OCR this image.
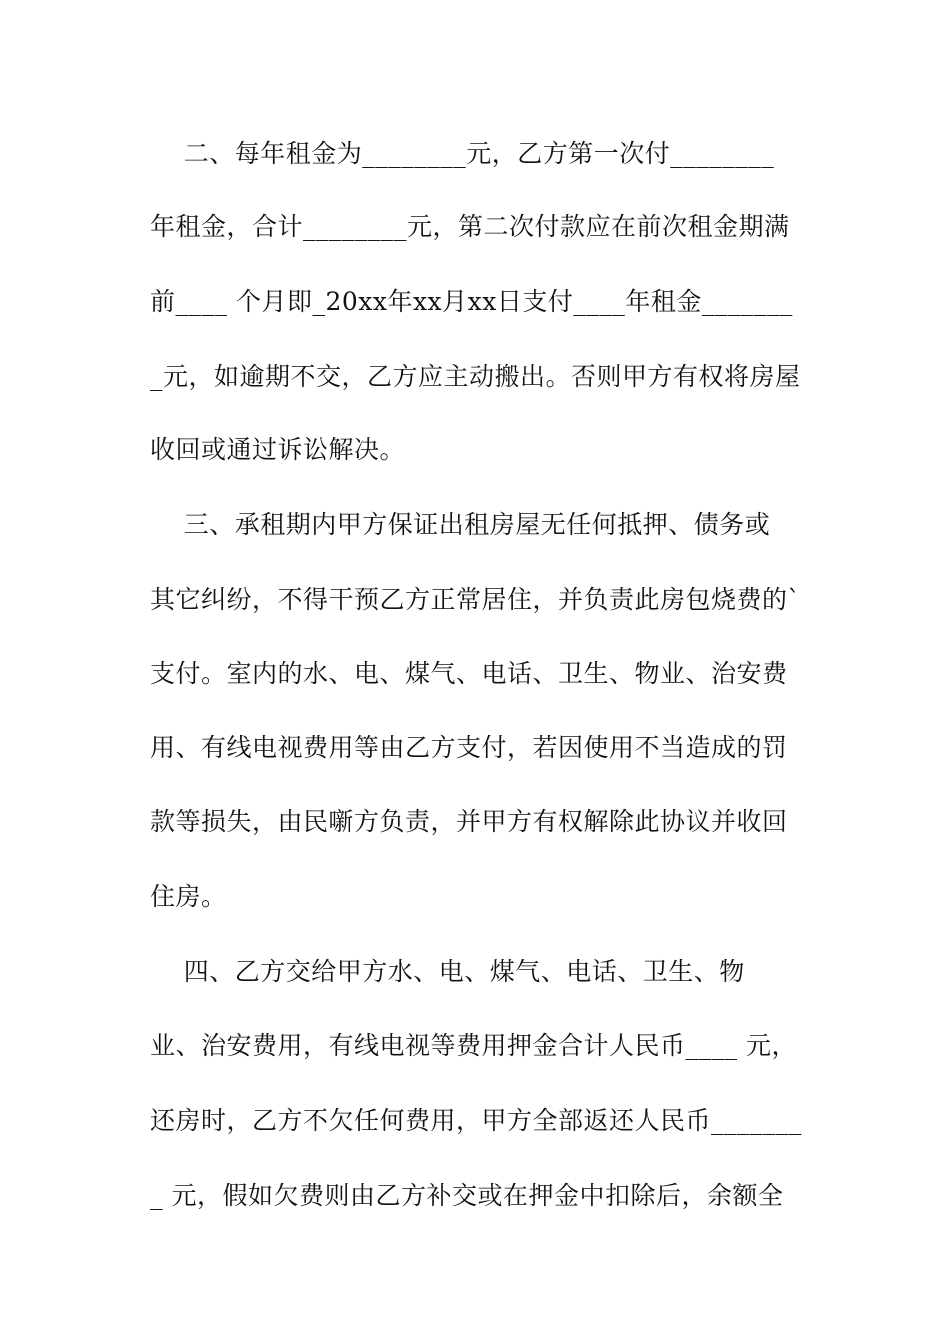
二、每年租金为________元，乙方第一次付________
年租金，合计________元，第二次付款应在前次租金期满
前____ 个月即_20xx年xx月xx日支付____年租金_______
_元，如逾期不交，乙方应主动搬出。否则甲方有权将房屋
收回或通过诉讼解决。
三、承租期内甲方保证出租房屋无任何抵押、债务或
其它纠纷，不得干预乙方正常居住，并负责此房包烧费的`
支付。室内的水、电、煤气、电话、卫生、物业、治安费
用、有线电视费用等由乙方支付，若因使用不当造成的罚
款等损失，由民噺方负责，并甲方有权解除此协议并收回
住房。
四、乙方交给甲方水、电、煤气、电话、卫生、物
业、治安费用，有线电视等费用押金合计人民币____ 元，
还房时，乙方不欠任何费用，甲方全部返还人民币_______
_ 元，假如欠费则由乙方补交或在押金中扣除后，余额全
